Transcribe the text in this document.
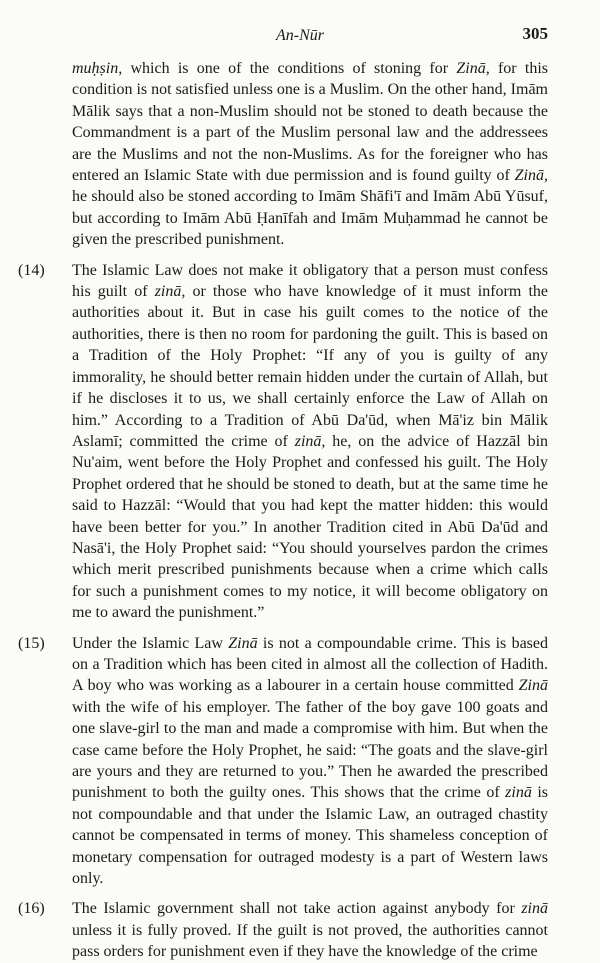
An-Nūr	305

muḥṣin, which is one of the conditions of stoning for Zinā, for this condition is not satisfied unless one is a Muslim. On the other hand, Imām Mālik says that a non-Muslim should not be stoned to death because the Commandment is a part of the Muslim personal law and the addressees are the Muslims and not the non-Muslims. As for the foreigner who has entered an Islamic State with due permission and is found guilty of Zinā, he should also be stoned according to Imām Shāfi'ī and Imām Abū Yūsuf, but according to Imām Abū Ḥanīfah and Imām Muḥammad he cannot be given the prescribed punishment.

(14)	The Islamic Law does not make it obligatory that a person must confess his guilt of zinā, or those who have knowledge of it must inform the authorities about it. But in case his guilt comes to the notice of the authorities, there is then no room for pardoning the guilt. This is based on a Tradition of the Holy Prophet: “If any of you is guilty of any immorality, he should better remain hidden under the curtain of Allah, but if he discloses it to us, we shall certainly enforce the Law of Allah on him.” According to a Tradition of Abū Da'ūd, when Mā'iz bin Mālik Aslamī; committed the crime of zinā, he, on the advice of Hazzāl bin Nu'aim, went before the Holy Prophet and confessed his guilt. The Holy Prophet ordered that he should be stoned to death, but at the same time he said to Hazzāl: “Would that you had kept the matter hidden: this would have been better for you.” In another Tradition cited in Abū Da'ūd and Nasā'i, the Holy Prophet said: “You should yourselves pardon the crimes which merit prescribed punishments because when a crime which calls for such a punishment comes to my notice, it will become obligatory on me to award the punishment.”

(15)	Under the Islamic Law Zinā is not a compoundable crime. This is based on a Tradition which has been cited in almost all the collection of Hadith. A boy who was working as a labourer in a certain house committed Zinā with the wife of his employer. The father of the boy gave 100 goats and one slave-girl to the man and made a compromise with him. But when the case came before the Holy Prophet, he said: “The goats and the slave-girl are yours and they are returned to you.” Then he awarded the prescribed punishment to both the guilty ones. This shows that the crime of zinā is not compoundable and that under the Islamic Law, an outraged chastity cannot be compensated in terms of money. This shameless conception of monetary compensation for outraged modesty is a part of Western laws only.

(16)	The Islamic government shall not take action against anybody for zinā unless it is fully proved. If the guilt is not proved, the authorities cannot pass orders for punishment even if they have the knowledge of the crime
